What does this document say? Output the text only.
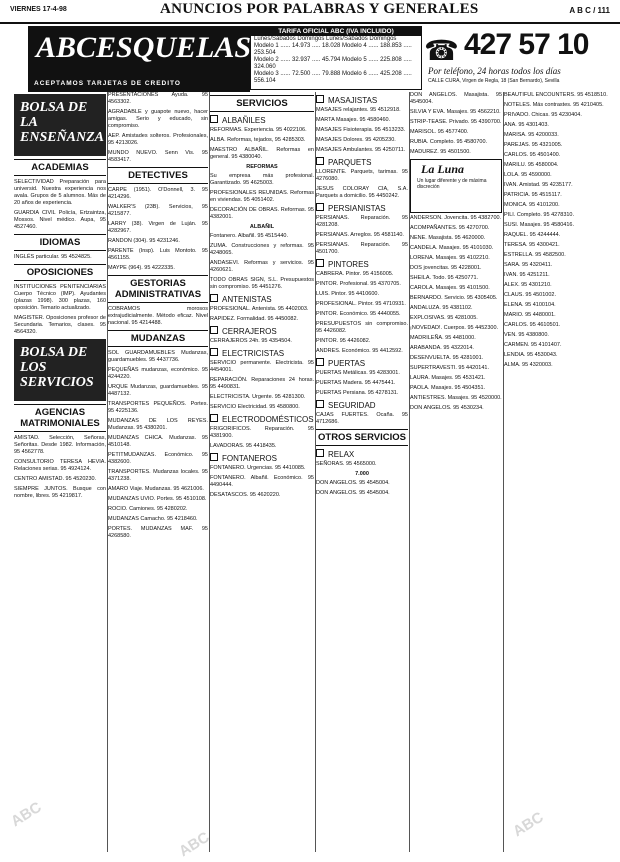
VIERNES 17-4-98	ANUNCIOS POR PALABRAS Y GENERALES	A B C / 111
ABCESQUELAS
ACEPTAMOS TARJETAS DE CREDITO
TARIFA OFICIAL ABC (IVA INCLUIDO)
Lunes/Sábados Domingos Lunes/Sábados Domingos
Modelo 1 ...... 14.973 ..... 18.028 Modelo 4 ...... 188.853 ..... 253.504
Modelo 2 ...... 32.937 ..... 45.794 Modelo 5 ...... 225.808 ..... 324.060
Modelo 3 ...... 72.500 ..... 79.888 Modelo 6 ...... 425.208 ..... 556.104
☎ 427 57 10
Por teléfono, 24 horas todos los días
CALLE CURA, Virgen de Regla, 18 (San Bernardo), Sevilla
BOLSA DE LA ENSEÑANZA
ACADEMIAS
SELECTIVIDAD Preparación para universid. Nuestra experiencia nos avala. Grupos de 5 alumnos. Más de 20 años de experiencia.
GUARDIA CIVIL Policía, Ertzaintza, Mossos. Nivel médico. Aupa, 95 4527460.
IDIOMAS
INGLÉS particular. 95 4524825.
OPOSICIONES
INSTITUCIONES PENITENCIARIAS Cuerpo Técnico (IMP). Ayudantes (plazas 1998). 300 plazas, 160 oposición. Temario actualizado.
MAGISTER. Oposiciones profesor de Secundaria. Temarios, clases. 95 4564320.
BOLSA DE LOS SERVICIOS
AGENCIAS MATRIMONIALES
AMISTAD. Selección, Señoras, Señoritas. Desde 1982. Información, 95 4562778.
CONSULTORIO TERESA HEVIA. Relaciones serias. 95 4924124.
CENTRO AMISTAD. 95 4520230.
SIEMPRE JUNTOS. Busque con nombre, libres. 95 4219817.
PRESENTACIONES Ayuda. 95 4563302.
AGRADABLE y guapote nuevo, hacer amigas. Serio y educado, sin compromiso.
AEP. Amistades solteros. Profesionales, 95 4213026.
MUNDO NUEVO. Senn Vis. 95 4583417.
DETECTIVES
CARPE (1951). O'Donnell, 3. 95 4214296.
WALKER'S (23B). Servicios, 95 4215877.
LARRY (38). Virgen de Luján. 95 4282967.
RANDON (304). 95 4231246.
PARENTE (Insp). Luis Montoto. 95 4561155.
MAYPE (964). 95 4222335.
GESTORIAS ADMINISTRATIVAS
COBRAMOS morosos extrajudicialmente. Método eficaz. Nivel nacional. 95 4214488.
MUDANZAS
SOL GUARDAMUEBLES Mudanzas, guardamuebles. 95 4437736.
PEQUEÑAS mudanzas, económico. 95 4244220.
URQUE Mudanzas, guardamuebles. 95 4487132.
TRANSPORTES PEQUEÑOS. Portes. 95 4225136.
MUDANZAS DE LOS REYES. Mudanzas. 95 4380201.
MUDANZAS CHICA. Mudanzas. 95 4510148.
PETITMUDANZAS. Económico. 95 4382600.
TRANSPORTES. Mudanzas locales. 95 4371238.
AMARO Viaje. Mudanzas. 95 4621006.
MUDANZAS UVIO. Portes. 95 4510108.
ROCIO. Camiones. 95 4280202.
MUDANZAS Camacho. 95 4218460.
PORTES. MUDANZAS MAF. 95 4268580.
SERVICIOS
ALBAÑILES
REFORMAS. Experiencia. 95 4022106.
ALBA. Reformas, tejados, 95 4285303.
MAESTRO ALBAÑIL. Reformas en general. 95 4380040.
REFORMAS
Su empresa más profesional. Garantizado. 95 4625003.
PROFESIONALES REUNIDAS. Reformas en viviendas. 95 4051402.
DECORACIÓN DE OBRAS. Reformas. 95 4382001.
ALBAÑIL
Fontanero. Albañil. 95 4515440.
ZUMA. Construcciones y reformas. 95 4248065.
ANDASEVI. Reformas y servicios. 95 4260621.
TODO OBRAS SIGN, S.L. Presupuestos sin compromiso. 95 4451276.
ANTENISTAS
PROFESIONAL. Antenista. 95 4402003.
RAPIDEZ. Formalidad. 95 4450082.
CERRAJEROS
CERRAJEROS 24h. 95 4354504.
ELECTRICISTAS
SERVICIO permanente. Electricista. 95 4454001.
REPARACIÓN. Reparaciones 24 horas. 95 4490831.
ELECTRICISTA. Urgente. 95 4281300.
SERVICIO Electricidad. 95 4580800.
ELECTRODOMÉSTICOS
FRIGORIFICOS. Reparación. 95 4381900.
LAVADORAS. 95 4418435.
FONTANEROS
FONTANERO. Urgencias. 95 4410085.
FONTANERO. Albañil. Económico. 95 4490444.
DESATASCOS. 95 4620220.
MASAJISTAS
MASAJES relajantes. 95 4512918.
MARTA Masajes. 95 4580460.
MASAJES Fisioterapia. 95 4513233.
MASAJES Dolores. 95 4205230.
MASAJES Ambulantes. 95 4250711.
PARQUETS
LLORENTE. Parquets, tarimas. 95 4276080.
JESUS COLORAY CIA, S.A. Parquets a domicilio. 95 4450242.
PERSIANISTAS
PERSIANAS. Reparación. 95 4281208.
PERSIANAS. Arreglos. 95 4581140.
PERSIANAS. Reparación. 95 4501700.
PINTORES
CABRERA. Pintor. 95 4156005.
PINTOR. Profesional. 95 4370705.
LUIS. Pintor. 95 4410600.
PROFESIONAL. Pintor. 95 4710931.
PINTOR. Económico. 95 4440055.
PRESUPUESTOS sin compromiso. 95 4426082.
PINTOR. 95 4426082.
ANDRES. Económico. 95 4412592.
PUERTAS
PUERTAS Metálicas. 95 4283001.
PUERTAS Madera. 95 4475441.
PUERTAS Persiana. 95 4278131.
SEGURIDAD
CAJAS FUERTES. Ocaña. 95 4712686.
OTROS SERVICIOS
RELAX
SEÑORAS. 95 4565000.
7.000
DON ANGELOS. 95 4545004.
DON ANGELOS. 95 4545004.
DON ANGELOS. Masajista. 95 4545004.
SILVIA Y EVA. Masajes. 95 4562210.
STRIP-TEASE. Privado. 95 4390700.
MARISOL. 95 4577400.
RUBIA. Completo. 95 4580700.
MADUREZ. 95 4501500.
La Luna
Un lugar diferente y de máxima discreción
ANDERSON. Jovencita. 95 4382700.
ACOMPAÑANTES. 95 4270700.
NENE. Masajista. 95 4620000.
CANDELA. Masajes. 95 4101030.
LORENA. Masajes. 95 4102210.
DOS jovencitas. 95 4228001.
SHEILA. Todo. 95 4250771.
CAROLA. Masajes. 95 4101500.
BERNARDO. Servicio. 95 4305405.
ANDALUZA. 95 4381102.
EXPLOSIVAS. 95 4281005.
¡NOVEDAD!. Cuerpos. 95 4452300.
MADRILEÑA. 95 4481000.
ARABANDA. 95 4322014.
DESENVUELTA. 95 4281001.
SUPERTRAVESTI. 95 4420141.
LAURA. Masajes. 95 4531421.
PAOLA. Masajes. 95 4504351.
ANTIESTRES. Masajes. 95 4520000.
DON ANGELOS. 95 4530234.
BEAUTIFUL ENCOUNTERS. 95 4518510.
NOTELES. Más contrastes. 95 4210405.
PRIVADO. Chicas. 95 4230404.
ANA. 95 4301403.
MARISA. 95 4200033.
PAREJAS. 95 4321005.
CARLOS. 95 4501400.
MARILU. 95 4580004.
LOLA. 95 4590000.
IVAN. Amistad. 95 4235177.
PATRICIA. 95 4515117.
MONICA. 95 4101200.
PILI. Completo. 95 4278310.
SUSI. Masajes. 95 4580416.
RAQUEL. 95 4244444.
TERESA. 95 4300421.
ESTRELLA. 95 4582500.
SARA. 95 4320411.
IVAN. 95 4251211.
ALEX. 95 4301210.
CLAUS. 95 4501002.
ELENA. 95 4100104.
MARIO. 95 4480001.
CARLOS. 95 4610501.
VEN. 95 4380800.
CARMEN. 95 4101407.
LENDIA. 95 4530043.
ALMA. 95 4320003.
ABC
ABC
ABC
